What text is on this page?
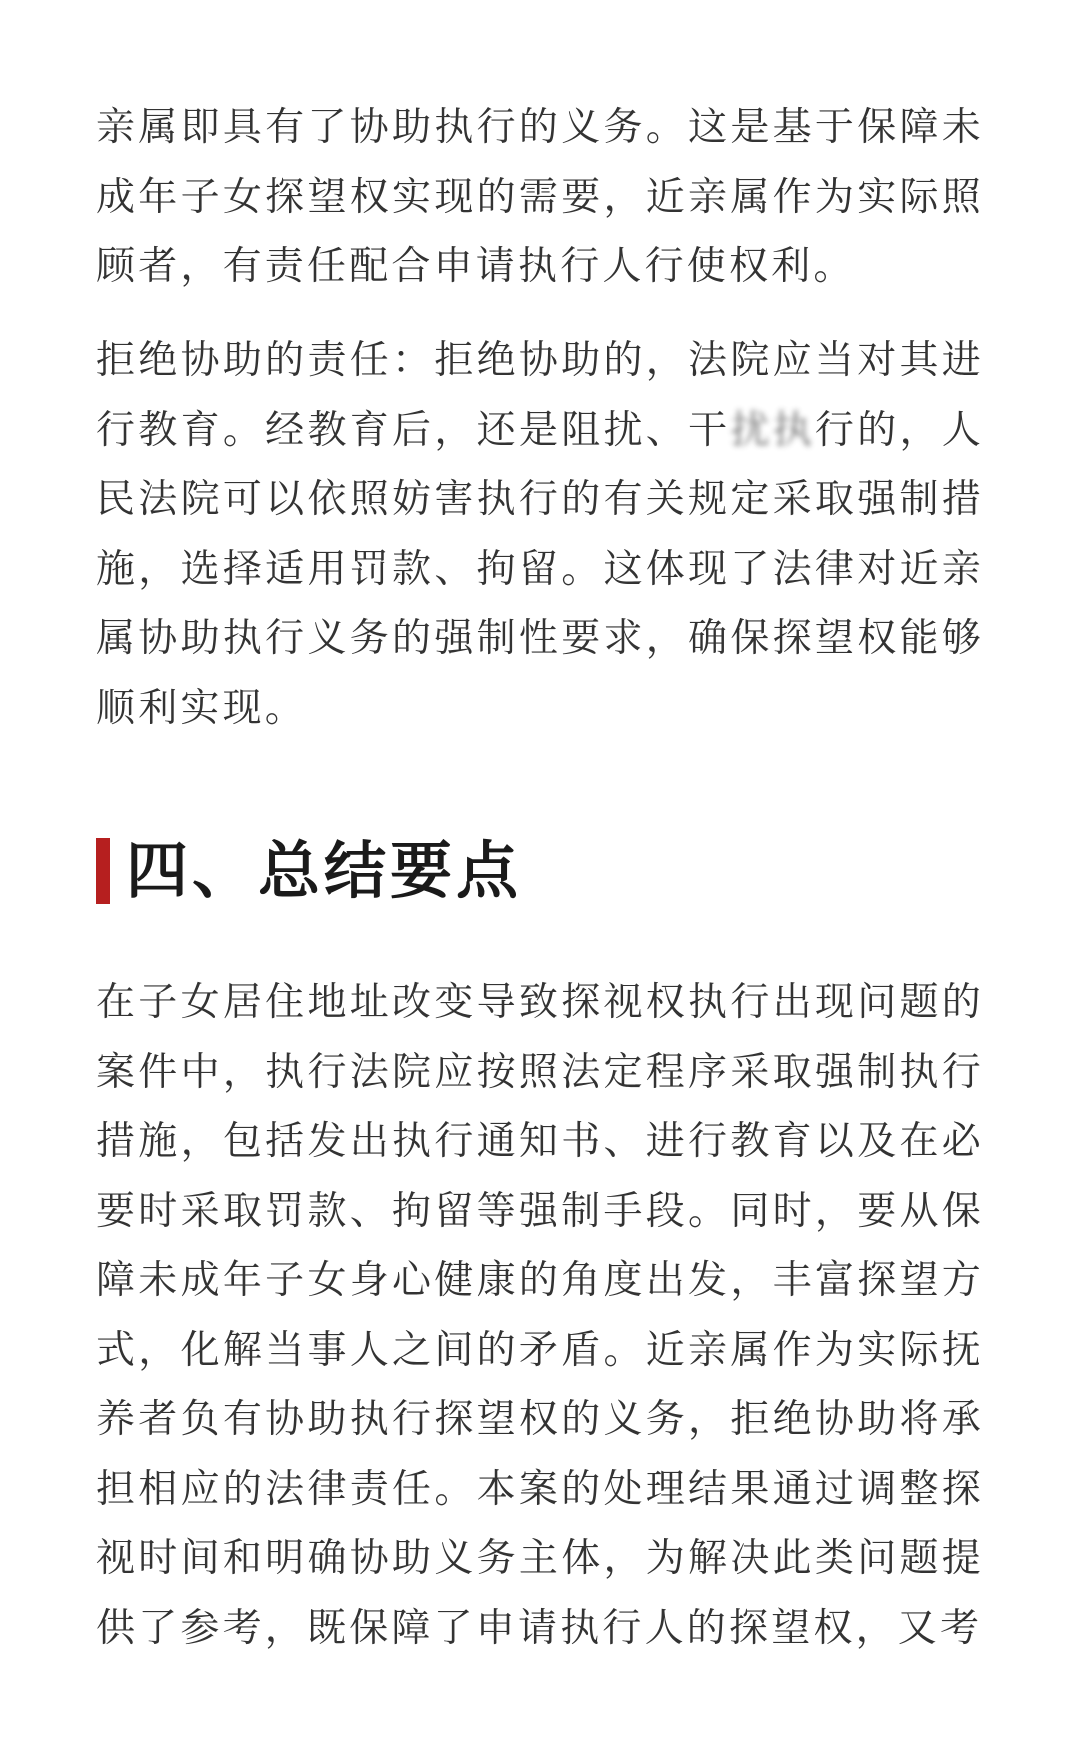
亲属即具有了协助执行的义务。这是基于保障未成年子女探望权实现的需要，近亲属作为实际照顾者，有责任配合申请执行人行使权利。

拒绝协助的责任：拒绝协助的，法院应当对其进行教育。经教育后，还是阻扰、干扰执行的，人民法院可以依照妨害执行的有关规定采取强制措施，选择适用罚款、拘留。这体现了法律对近亲属协助执行义务的强制性要求，确保探望权能够顺利实现。

四、总结要点

在子女居住地址改变导致探视权执行出现问题的案件中，执行法院应按照法定程序采取强制执行措施，包括发出执行通知书、进行教育以及在必要时采取罚款、拘留等强制手段。同时，要从保障未成年子女身心健康的角度出发，丰富探望方式，化解当事人之间的矛盾。近亲属作为实际抚养者负有协助执行探望权的义务，拒绝协助将承担相应的法律责任。本案的处理结果通过调整探视时间和明确协助义务主体，为解决此类问题提供了参考，既保障了申请执行人的探望权，又考
